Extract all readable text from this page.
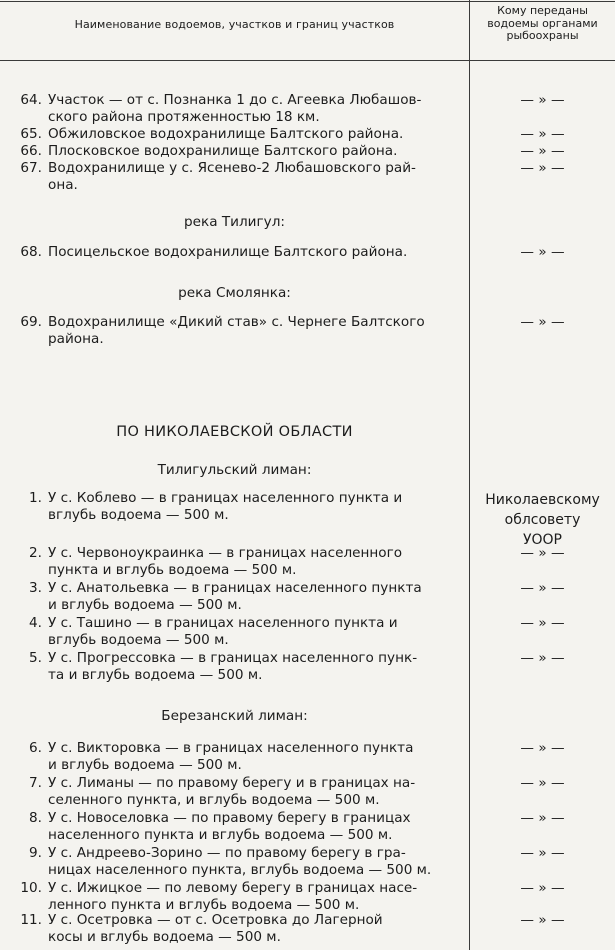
Наименование водоемов, участков и границ участков
Кому переданы
водоемы органами
рыбоохраны
64. Участок — от с. Познанка 1 до с. Агеевка Любашов-
ского района протяженностью 18 км.
— » —
65. Обжиловское водохранилище Балтского района.	— » —
66. Плосковское водохранилище Балтского района.	— » —
67. Водохранилище у с. Ясенево-2 Любашовского рай-
она.
— » —
река Тилигул:
68. Посицельское водохранилище Балтского района.	— » —
река Смолянка:
69. Водохранилище «Дикий став» с. Чернеге Балтского
района.
— » —
ПО НИКОЛАЕВСКОЙ ОБЛАСТИ
Тилигульский лиман:
1. У с. Коблево — в границах населенного пункта и
вглубь водоема — 500 м.
Николаевскому
облсовету
УООР
2. У с. Червоноукраинка — в границах населенного
пункта и вглубь водоема — 500 м.
— » —
3. У с. Анатольевка — в границах населенного пункта
и вглубь водоема — 500 м.
— » —
4. У с. Ташино — в границах населенного пункта и
вглубь водоема — 500 м.
— » —
5. У с. Прогрессовка — в границах населенного пунк-
та и вглубь водоема — 500 м.
— » —
Березанский лиман:
6. У с. Викторовка — в границах населенного пункта
и вглубь водоема — 500 м.
— » —
7. У с. Лиманы — по правому берегу и в границах на-
селенного пункта, и вглубь водоема — 500 м.
— » —
8. У с. Новоселовка — по правому берегу в границах
населенного пункта и вглубь водоема — 500 м.
— » —
9. У с. Андреево-Зорино — по правому берегу в гра-
ницах населенного пункта, вглубь водоема — 500 м.
— » —
10. У с. Ижицкое — по левому берегу в границах насе-
ленного пункта и вглубь водоема — 500 м.
— » —
11. У с. Осетровка — от с. Осетровка до Лагерной
косы и вглубь водоема — 500 м.
— » —
